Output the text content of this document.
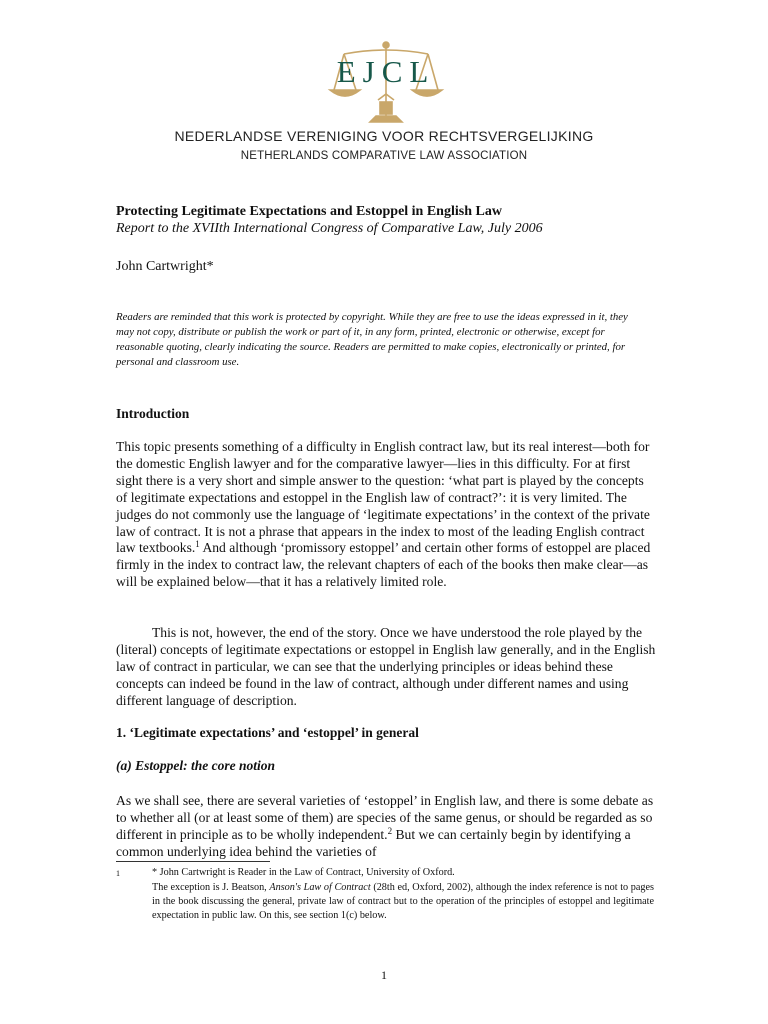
EJCL
NEDERLANDSE VERENIGING VOOR RECHTSVERGELIJKING
NETHERLANDS COMPARATIVE LAW ASSOCIATION
Protecting Legitimate Expectations and Estoppel in English Law
Report to the XVIIth International Congress of Comparative Law, July 2006
John Cartwright*
Readers are reminded that this work is protected by copyright. While they are free to use the ideas expressed in it, they may not copy, distribute or publish the work or part of it, in any form, printed, electronic or otherwise, except for reasonable quoting, clearly indicating the source. Readers are permitted to make copies, electronically or printed, for personal and classroom use.
Introduction
This topic presents something of a difficulty in English contract law, but its real interest—both for the domestic English lawyer and for the comparative lawyer—lies in this difficulty. For at first sight there is a very short and simple answer to the question: ‘what part is played by the concepts of legitimate expectations and estoppel in the English law of contract?’: it is very limited. The judges do not commonly use the language of ‘legitimate expectations’ in the context of the private law of contract. It is not a phrase that appears in the index to most of the leading English contract law textbooks.$^1$ And although ‘promissory estoppel’ and certain other forms of estoppel are placed firmly in the index to contract law, the relevant chapters of each of the books then make clear—as will be explained below—that it has a relatively limited role.
This is not, however, the end of the story. Once we have understood the role played by the (literal) concepts of legitimate expectations or estoppel in English law generally, and in the English law of contract in particular, we can see that the underlying principles or ideas behind these concepts can indeed be found in the law of contract, although under different names and using different language of description.
1. ‘Legitimate expectations’ and ‘estoppel’ in general
(a) Estoppel: the core notion
As we shall see, there are several varieties of ‘estoppel’ in English law, and there is some debate as to whether all (or at least some of them) are species of the same genus, or should be regarded as so different in principle as to be wholly independent.$^2$ But we can certainly begin by identifying a common underlying idea behind the varieties of
1	* John Cartwright is Reader in the Law of Contract, University of Oxford.
The exception is J. Beatson, Anson's Law of Contract (28th ed, Oxford, 2002), although the index reference is not to pages in the book discussing the general, private law of contract but to the operation of the principles of estoppel and legitimate expectation in public law. On this, see section 1(c) below.
1
